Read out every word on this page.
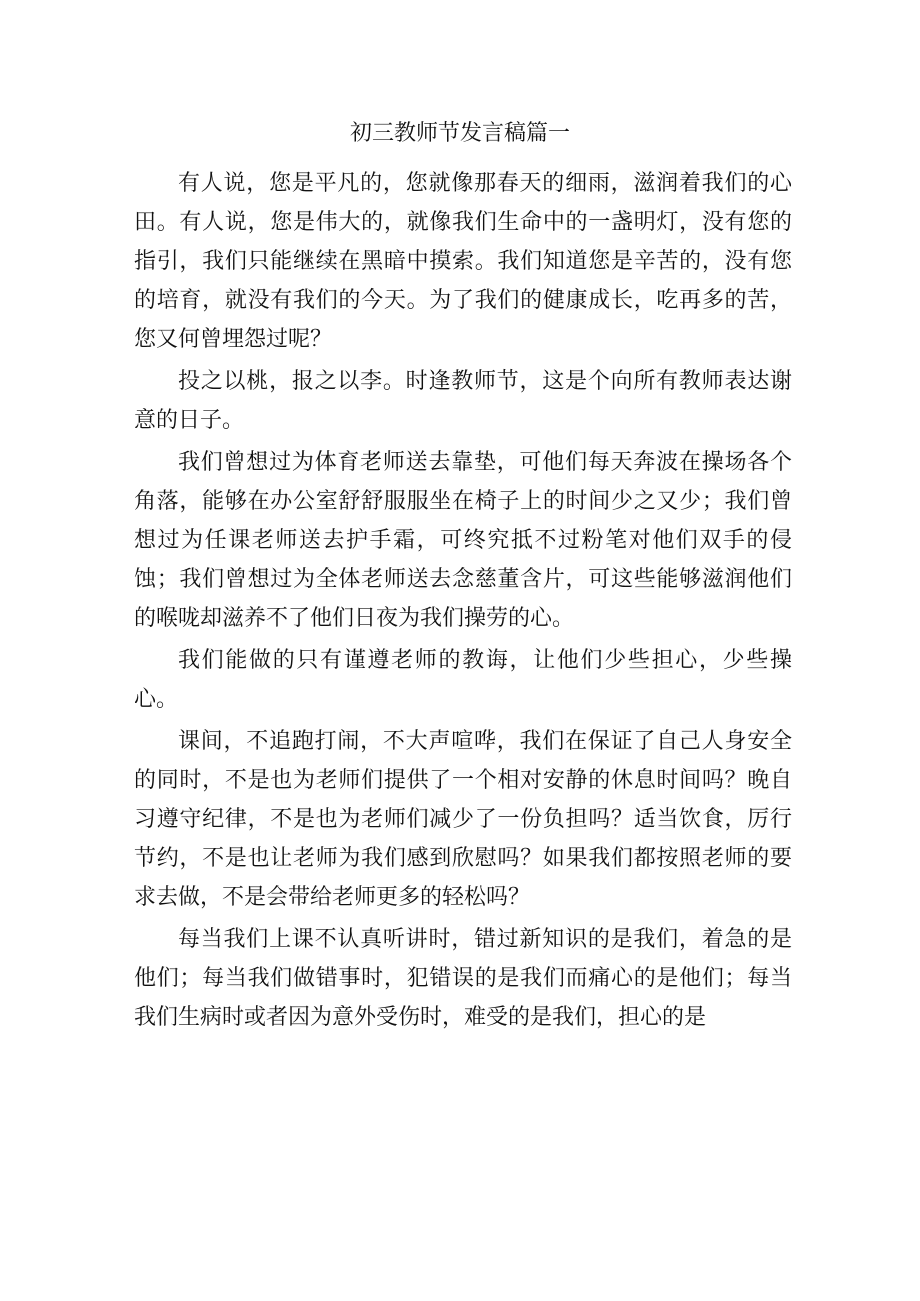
初三教师节发言稿篇一

有人说，您是平凡的，您就像那春天的细雨，滋润着我们的心田。有人说，您是伟大的，就像我们生命中的一盏明灯，没有您的指引，我们只能继续在黑暗中摸索。我们知道您是辛苦的，没有您的培育，就没有我们的今天。为了我们的健康成长，吃再多的苦，您又何曾埋怨过呢？

投之以桃，报之以李。时逢教师节，这是个向所有教师表达谢意的日子。

我们曾想过为体育老师送去靠垫，可他们每天奔波在操场各个角落，能够在办公室舒舒服服坐在椅子上的时间少之又少；我们曾想过为任课老师送去护手霜，可终究抵不过粉笔对他们双手的侵蚀；我们曾想过为全体老师送去念慈董含片，可这些能够滋润他们的喉咙却滋养不了他们日夜为我们操劳的心。

我们能做的只有谨遵老师的教诲，让他们少些担心，少些操心。

课间，不追跑打闹，不大声喧哗，我们在保证了自己人身安全的同时，不是也为老师们提供了一个相对安静的休息时间吗？晚自习遵守纪律，不是也为老师们减少了一份负担吗？适当饮食，厉行节约，不是也让老师为我们感到欣慰吗？如果我们都按照老师的要求去做，不是会带给老师更多的轻松吗？

每当我们上课不认真听讲时，错过新知识的是我们，着急的是他们；每当我们做错事时，犯错误的是我们而痛心的是他们；每当我们生病时或者因为意外受伤时，难受的是我们，担心的是
